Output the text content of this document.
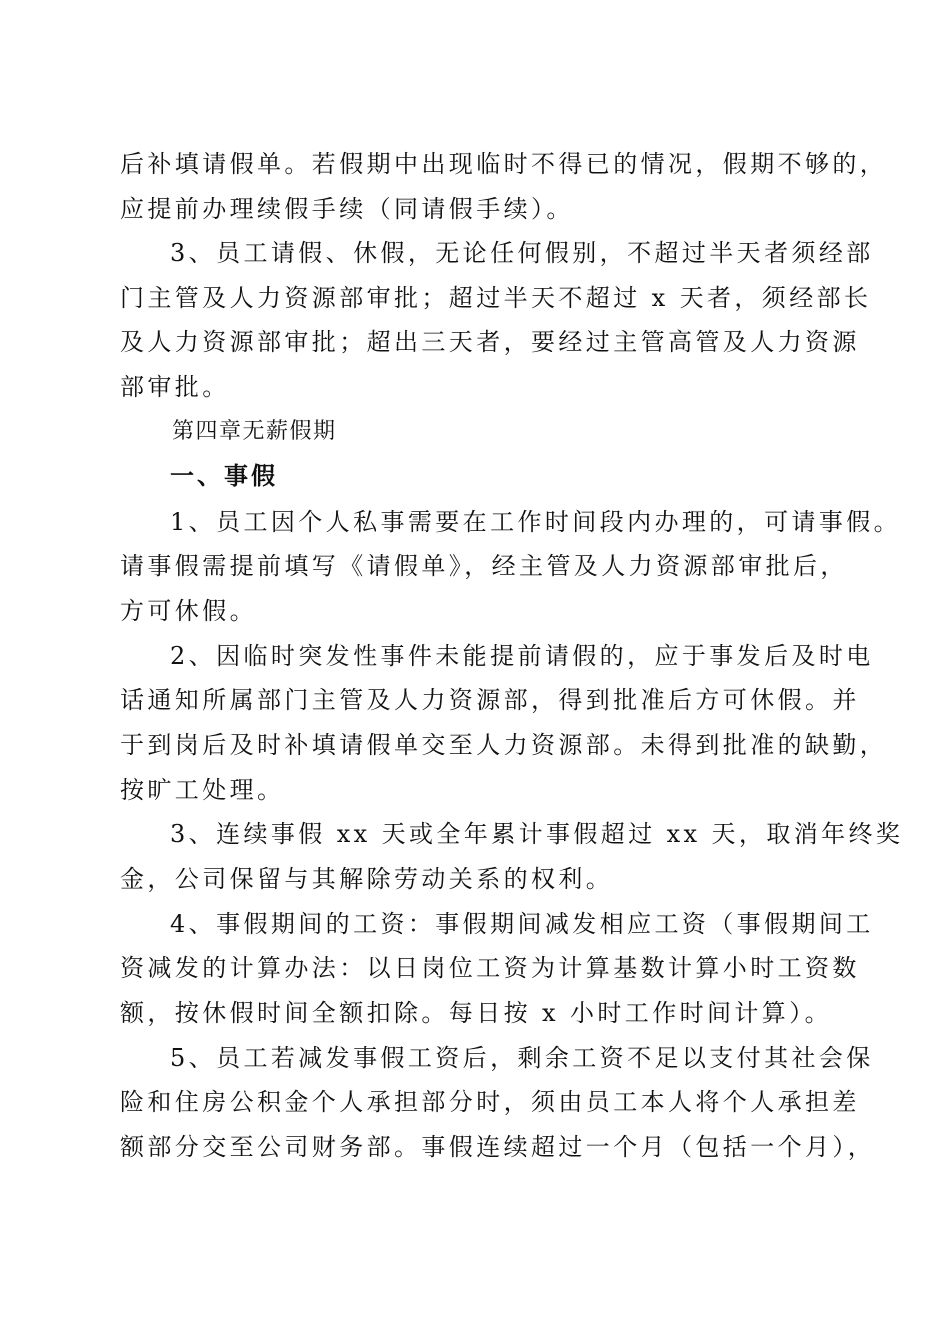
后补填请假单。若假期中出现临时不得已的情况，假期不够的，
应提前办理续假手续（同请假手续）。
3、员工请假、休假，无论任何假别，不超过半天者须经部
门主管及人力资源部审批；超过半天不超过 x 天者，须经部长
及人力资源部审批；超出三天者，要经过主管高管及人力资源
部审批。
第四章无薪假期
一、事假
1、员工因个人私事需要在工作时间段内办理的，可请事假。
请事假需提前填写《请假单》，经主管及人力资源部审批后，
方可休假。
2、因临时突发性事件未能提前请假的，应于事发后及时电
话通知所属部门主管及人力资源部，得到批准后方可休假。并
于到岗后及时补填请假单交至人力资源部。未得到批准的缺勤，
按旷工处理。
3、连续事假 xx 天或全年累计事假超过 xx 天，取消年终奖
金，公司保留与其解除劳动关系的权利。
4、事假期间的工资：事假期间减发相应工资（事假期间工
资减发的计算办法：以日岗位工资为计算基数计算小时工资数
额，按休假时间全额扣除。每日按 x 小时工作时间计算）。
5、员工若减发事假工资后，剩余工资不足以支付其社会保
险和住房公积金个人承担部分时，须由员工本人将个人承担差
额部分交至公司财务部。事假连续超过一个月（包括一个月），
